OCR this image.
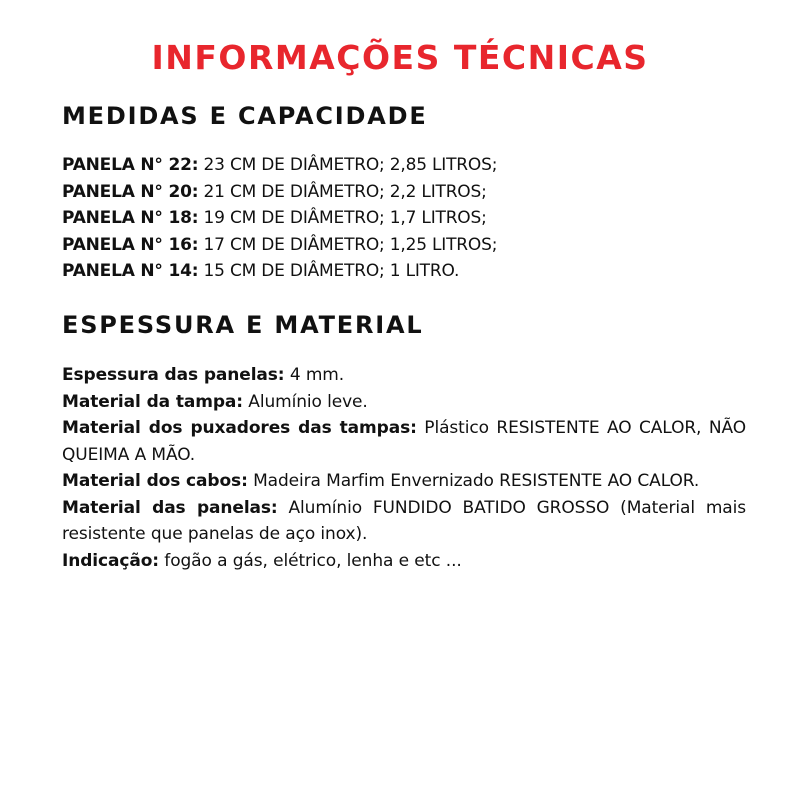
INFORMAÇÕES TÉCNICAS
MEDIDAS E CAPACIDADE
PANELA N° 22: 23 CM DE DIÂMETRO; 2,85 LITROS;
PANELA N° 20: 21 CM DE DIÂMETRO; 2,2 LITROS;
PANELA N° 18: 19 CM DE DIÂMETRO; 1,7 LITROS;
PANELA N° 16: 17 CM DE DIÂMETRO; 1,25 LITROS;
PANELA N° 14: 15 CM DE DIÂMETRO; 1 LITRO.
ESPESSURA E MATERIAL
Espessura das panelas: 4 mm.
Material da tampa: Alumínio leve.
Material dos puxadores das tampas: Plástico RESISTENTE AO CALOR, NÃO QUEIMA A MÃO.
Material dos cabos: Madeira Marfim Envernizado RESISTENTE AO CALOR.
Material das panelas: Alumínio FUNDIDO BATIDO GROSSO (Material mais resistente que panelas de aço inox).
Indicação: fogão a gás, elétrico, lenha e etc ...
